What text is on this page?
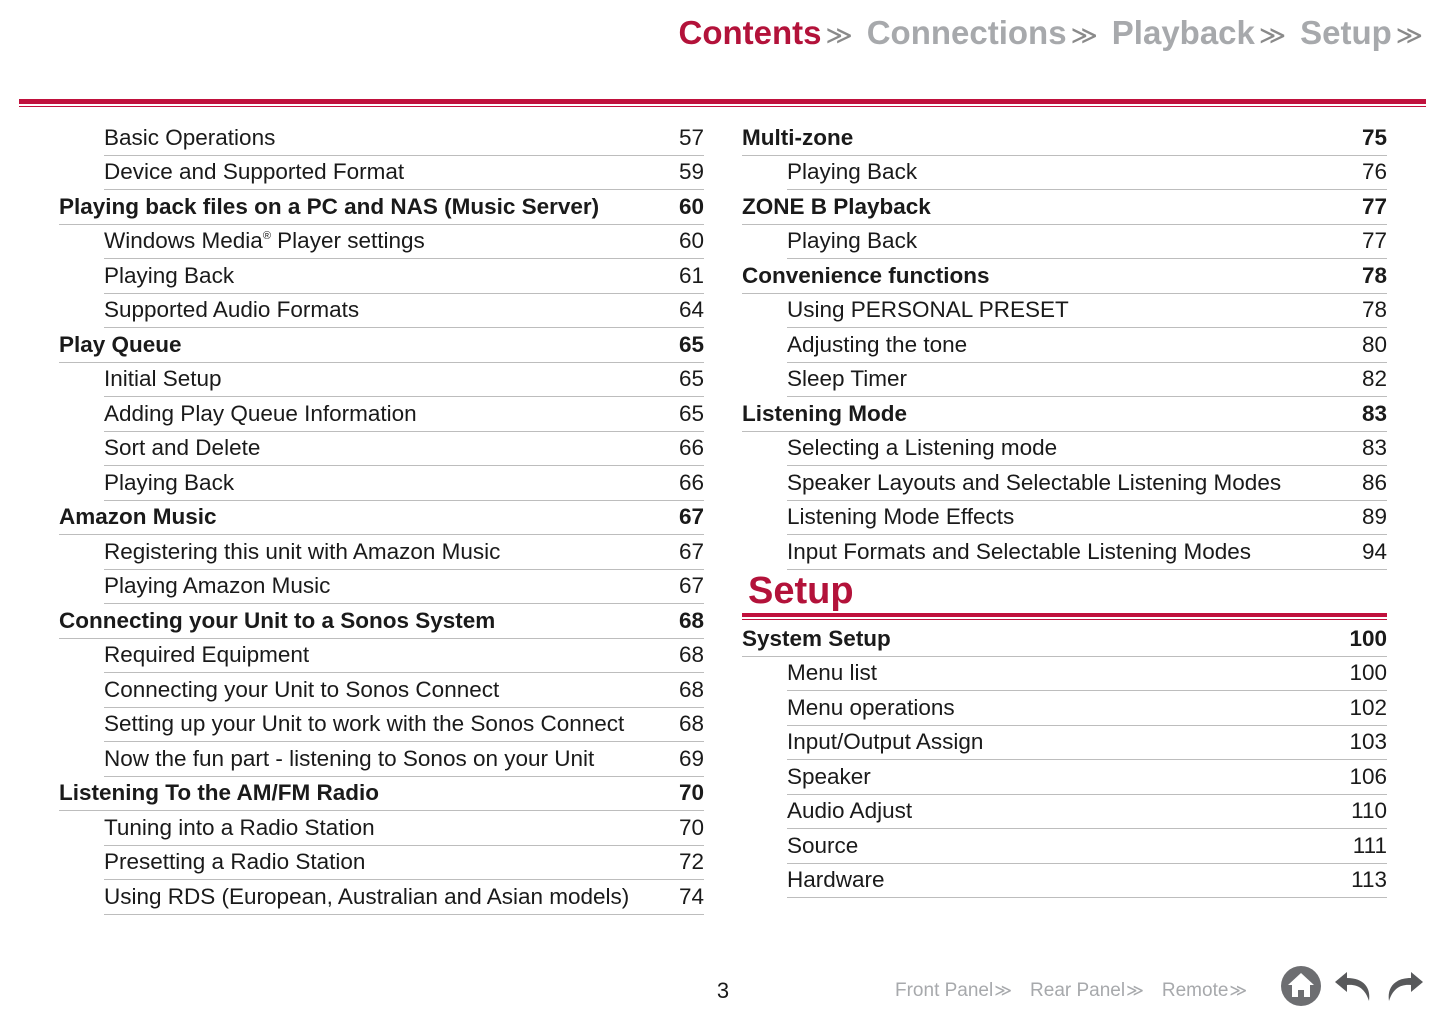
Contents ≫ Connections ≫ Playback ≫ Setup ≫
Basic Operations	57
Device and Supported Format	59
Playing back files on a PC and NAS (Music Server)	60
Windows Media® Player settings	60
Playing Back	61
Supported Audio Formats	64
Play Queue	65
Initial Setup	65
Adding Play Queue Information	65
Sort and Delete	66
Playing Back	66
Amazon Music	67
Registering this unit with Amazon Music	67
Playing Amazon Music	67
Connecting your Unit to a Sonos System	68
Required Equipment	68
Connecting your Unit to Sonos Connect	68
Setting up your Unit to work with the Sonos Connect	68
Now the fun part - listening to Sonos on your Unit	69
Listening To the AM/FM Radio	70
Tuning into a Radio Station	70
Presetting a Radio Station	72
Using RDS (European, Australian and Asian models)	74
Multi-zone	75
Playing Back	76
ZONE B Playback	77
Playing Back	77
Convenience functions	78
Using PERSONAL PRESET	78
Adjusting the tone	80
Sleep Timer	82
Listening Mode	83
Selecting a Listening mode	83
Speaker Layouts and Selectable Listening Modes	86
Listening Mode Effects	89
Input Formats and Selectable Listening Modes	94
Setup
System Setup	100
Menu list	100
Menu operations	102
Input/Output Assign	103
Speaker	106
Audio Adjust	110
Source	111
Hardware	113
3	Front Panel ≫ Rear Panel ≫ Remote ≫
